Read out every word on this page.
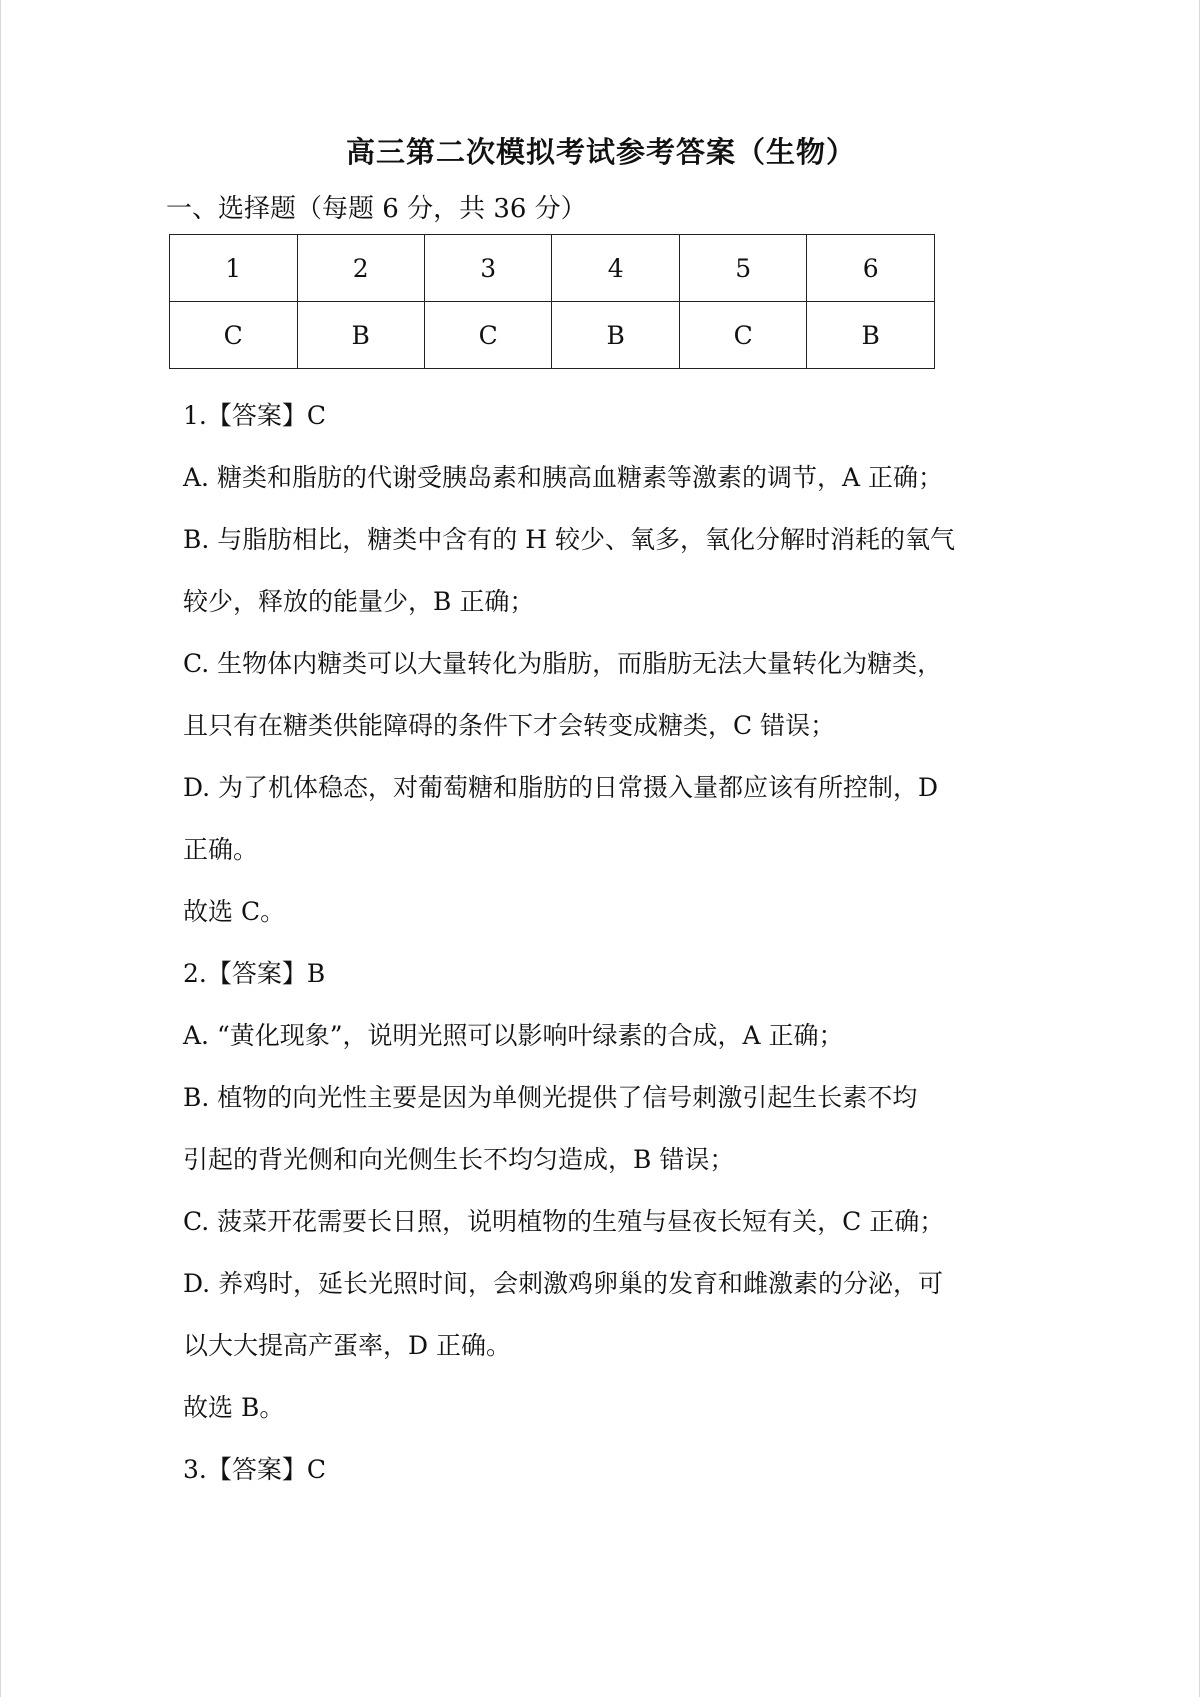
高三第二次模拟考试参考答案（生物）
一、选择题（每题 6 分，共 36 分）
1	2	3	4	5	6
C	B	C	B	C	B

1.【答案】C

A. 糖类和脂肪的代谢受胰岛素和胰高血糖素等激素的调节，A 正确；

B. 与脂肪相比，糖类中含有的 H 较少、氧多，氧化分解时消耗的氧气

较少，释放的能量少，B 正确；

C. 生物体内糖类可以大量转化为脂肪，而脂肪无法大量转化为糖类，

且只有在糖类供能障碍的条件下才会转变成糖类，C 错误；

D. 为了机体稳态，对葡萄糖和脂肪的日常摄入量都应该有所控制，D

正确。

故选 C。

2.【答案】B

A. “黄化现象”，说明光照可以影响叶绿素的合成，A 正确；

B. 植物的向光性主要是因为单侧光提供了信号刺激引起生长素不均

引起的背光侧和向光侧生长不均匀造成，B 错误；

C. 菠菜开花需要长日照，说明植物的生殖与昼夜长短有关，C 正确；

D. 养鸡时，延长光照时间，会刺激鸡卵巢的发育和雌激素的分泌，可

以大大提高产蛋率，D 正确。

故选 B。

3.【答案】C
